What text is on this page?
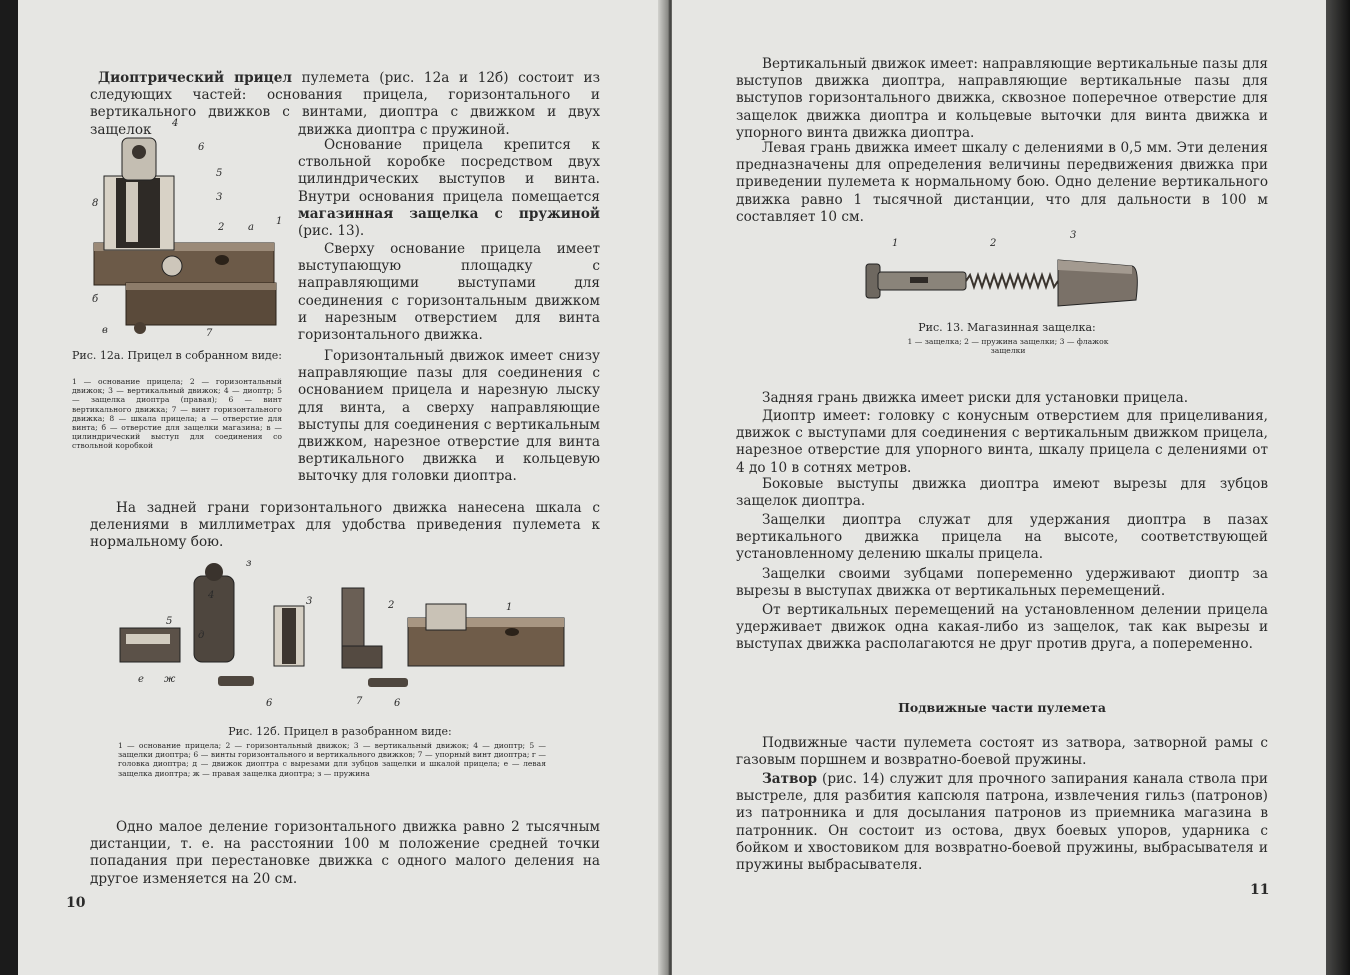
Диоптрический прицел пулемета (рис. 12а и 12б) состоит из следующих частей: основания прицела, горизонтального и вертикального движков с винтами, диоптра с движком и двух защелок	движка диоптра с пружиной.
4
6
5
8
3
2 а
1
б
7
в
Рис. 12а. Прицел в собранном виде:
1 — основание прицела; 2 — горизонтальный движок; 3 — вертикальный движок; 4 — диоптр; 5 — защелка диоптра (правая); 6 — винт вертикального движка; 7 — винт горизонтального движка; 8 — шкала прицела; а — отверстие для винта; б — отверстие для защелки магазина; в — цилиндрический выступ для соединения со ствольной коробкой
Основание прицела крепится к ствольной коробке посредством двух цилиндрических выступов и винта. Внутри основания прицела помещается магазинная защелка с пружиной (рис. 13).

Сверху основание прицела имеет выступающую площадку с направляющими выступами для соединения с горизонтальным движком и нарезным отверстием для винта горизонтального движка.

Горизонтальный движок имеет снизу направляющие пазы для соединения с основанием прицела и нарезную лыску для винта, а сверху направляющие выступы для соединения с вертикальным движком, нарезное отверстие для винта вертикального движка и кольцевую выточку для головки диоптра.

На задней грани горизонтального движка нанесена шкала с делениями в миллиметрах для удобства приведения пулемета к нормальному бою.

з
4
д
5
е ж
6
3	2
7	6
1
Рис. 12б. Прицел в разобранном виде:
1 — основание прицела; 2 — горизонтальный движок; 3 — вертикальный движок; 4 — диоптр; 5 — защелки диоптра; 6 — винты горизонтального и вертикального движков; 7 — упорный винт диоптра; г — головка диоптра; д — движок диоптра с вырезами для зубцов защелки и шкалой прицела; е — левая защелка диоптра; ж — правая защелка диоптра; з — пружина

Одно малое деление горизонтального движка равно 2 тысячным дистанции, т. е. на расстоянии 100 м положение средней точки попадания при перестановке движка с одного малого деления на другое изменяется на 20 см.

10

Вертикальный движок имеет: направляющие вертикальные пазы для выступов движка диоптра, направляющие вертикальные пазы для выступов горизонтального движка, сквозное поперечное отверстие для защелок движка диоптра и кольцевые выточки для винта движка и упорного винта движка диоптра.

Левая грань движка имеет шкалу с делениями в 0,5 мм. Эти деления предназначены для определения величины передвижения движка при приведении пулемета к нормальному бою. Одно деление вертикального движка равно 1 тысячной дистанции, что для дальности в 100 м составляет 10 см.

1	2
3
Рис. 13. Магазинная защелка:
1 — защелка; 2 — пружина защелки; 3 — флажок защелки

Задняя грань движка имеет риски для установки прицела.

Диоптр имеет: головку с конусным отверстием для прицеливания, движок с выступами для соединения с вертикальным движком прицела, нарезное отверстие для упорного винта, шкалу прицела с делениями от 4 до 10 в сотнях метров.

Боковые выступы движка диоптра имеют вырезы для зубцов защелок диоптра.

Защелки диоптра служат для удержания диоптра в пазах вертикального движка прицела на высоте, соответствующей установленному делению шкалы прицела.

Защелки своими зубцами попеременно удерживают диоптр за вырезы в выступах движка от вертикальных перемещений.

От вертикальных перемещений на установленном делении прицела удерживает движок одна какая-либо из защелок, так как вырезы и выступах движка располагаются не друг против друга, а попеременно.

Подвижные части пулемета

Подвижные части пулемета состоят из затвора, затворной рамы с газовым поршнем и возвратно-боевой пружины.

Затвор (рис. 14) служит для прочного запирания канала ствола при выстреле, для разбития капсюля патрона, извлечения гильз (патронов) из патронника и для досылания патронов из приемника магазина в патронник. Он состоит из остова, двух боевых упоров, ударника с бойком и хвостовиком для возвратно-боевой пружины, выбрасывателя и пружины выбрасывателя.
11
